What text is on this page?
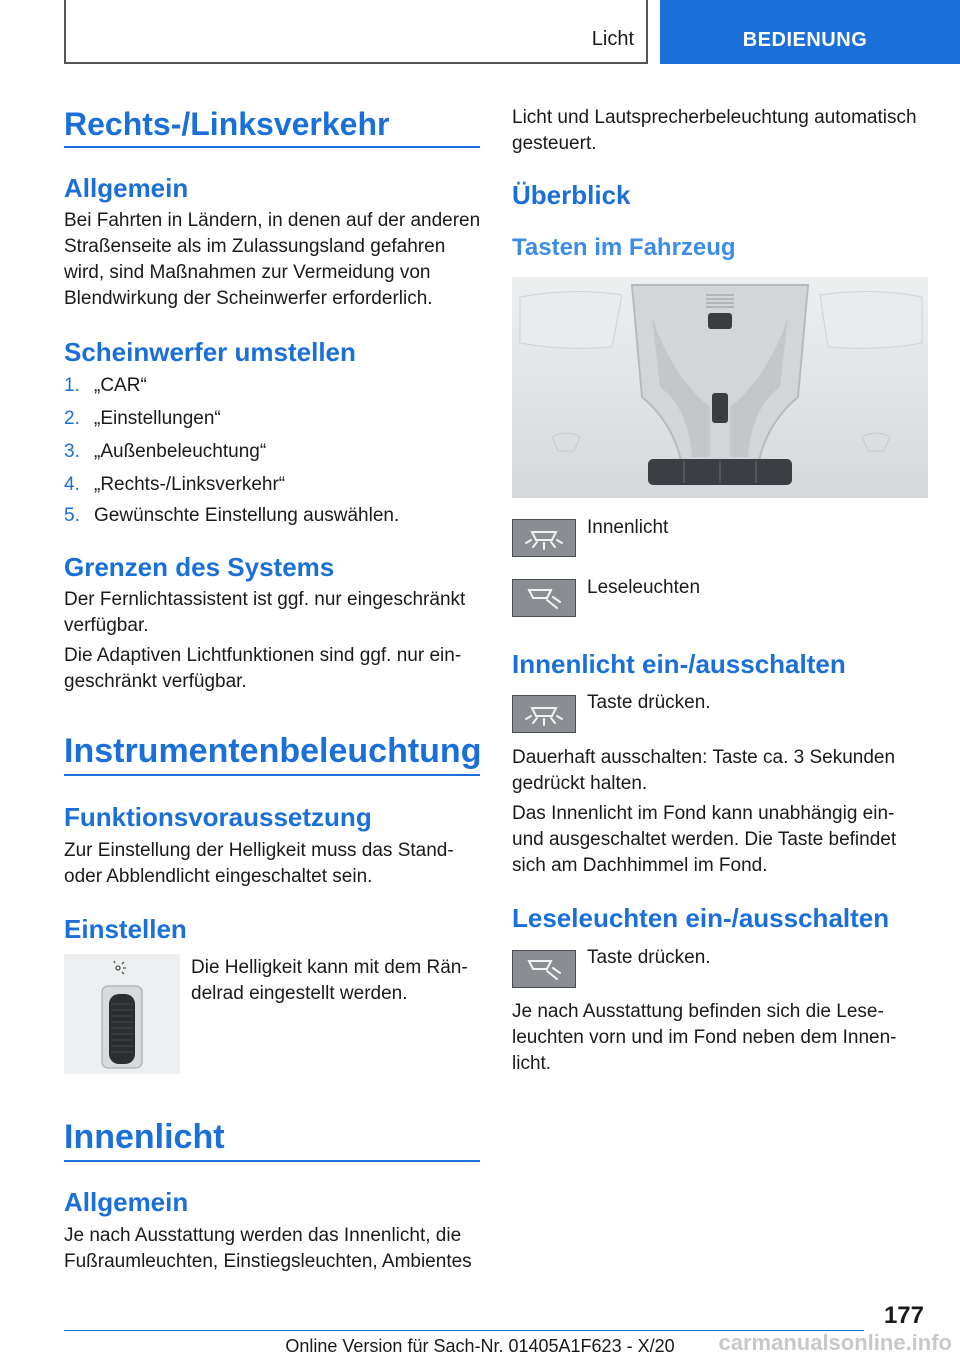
Licht	BEDIENUNG
Rechts-/Linksverkehr
Allgemein
Bei Fahrten in Ländern, in denen auf der anderen
Straßenseite als im Zulassungsland gefahren
wird, sind Maßnahmen zur Vermeidung von
Blendwirkung der Scheinwerfer erforderlich.
Scheinwerfer umstellen
1. „CAR“
2. „Einstellungen“
3. „Außenbeleuchtung“
4. „Rechts-/Linksverkehr“
5. Gewünschte Einstellung auswählen.
Grenzen des Systems
Der Fernlichtassistent ist ggf. nur eingeschränkt
verfügbar.
Die Adaptiven Lichtfunktionen sind ggf. nur ein-
geschränkt verfügbar.
Instrumentenbeleuchtung
Funktionsvoraussetzung
Zur Einstellung der Helligkeit muss das Stand-
oder Abblendlicht eingeschaltet sein.
Einstellen
Die Helligkeit kann mit dem Rän-
delrad eingestellt werden.
Innenlicht
Allgemein
Je nach Ausstattung werden das Innenlicht, die
Fußraumleuchten, Einstiegsleuchten, Ambientes
Licht und Lautsprecherbeleuchtung automatisch
gesteuert.
Überblick
Tasten im Fahrzeug
Innenlicht
Leseleuchten
Innenlicht ein-/ausschalten
Taste drücken.
Dauerhaft ausschalten: Taste ca. 3 Sekunden
gedrückt halten.
Das Innenlicht im Fond kann unabhängig ein-
und ausgeschaltet werden. Die Taste befindet
sich am Dachhimmel im Fond.
Leseleuchten ein-/ausschalten
Taste drücken.
Je nach Ausstattung befinden sich die Lese-
leuchten vorn und im Fond neben dem Innen-
licht.
177
Online Version für Sach-Nr. 01405A1F623 - X/20	carmanualsonline.info
